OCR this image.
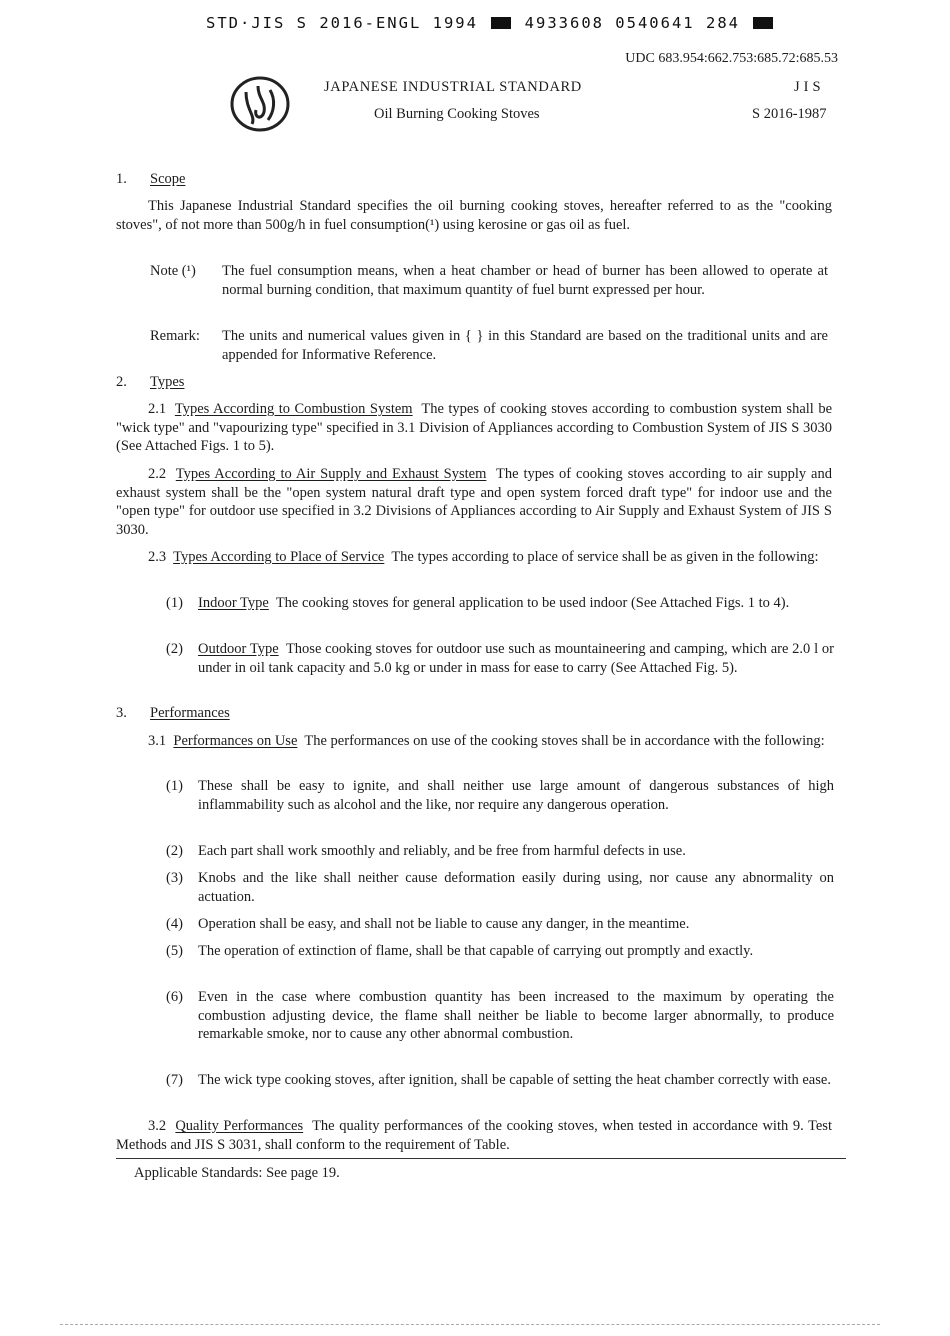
STD·JIS S 2016-ENGL 1994	4933608 0540641 284
UDC 683.954:662.753:685.72:685.53
JAPANESE INDUSTRIAL STANDARD
Oil Burning Cooking Stoves
JIS
S 2016-1987
1. Scope
This Japanese Industrial Standard specifies the oil burning cooking stoves, hereafter referred to as the "cooking stoves", of not more than 500g/h in fuel consumption(¹) using kerosine or gas oil as fuel.
Note (¹) The fuel consumption means, when a heat chamber or head of burner has been allowed to operate at normal burning condition, that maximum quantity of fuel burnt expressed per hour.
Remark: The units and numerical values given in { } in this Standard are based on the traditional units and are appended for Informative Reference.
2. Types
2.1 Types According to Combustion System The types of cooking stoves according to combustion system shall be "wick type" and "vapourizing type" specified in 3.1 Division of Appliances according to Combustion System of JIS S 3030 (See Attached Figs. 1 to 5).
2.2 Types According to Air Supply and Exhaust System The types of cooking stoves according to air supply and exhaust system shall be the "open system natural draft type and open system forced draft type" for indoor use and the "open type" for outdoor use specified in 3.2 Divisions of Appliances according to Air Supply and Exhaust System of JIS S 3030.
2.3 Types According to Place of Service The types according to place of service shall be as given in the following:
(1) Indoor Type The cooking stoves for general application to be used indoor (See Attached Figs. 1 to 4).
(2) Outdoor Type Those cooking stoves for outdoor use such as mountaineering and camping, which are 2.0 l or under in oil tank capacity and 5.0 kg or under in mass for ease to carry (See Attached Fig. 5).
3. Performances
3.1 Performances on Use The performances on use of the cooking stoves shall be in accordance with the following:
(1) These shall be easy to ignite, and shall neither use large amount of dangerous substances of high inflammability such as alcohol and the like, nor require any dangerous operation.
(2) Each part shall work smoothly and reliably, and be free from harmful defects in use.
(3) Knobs and the like shall neither cause deformation easily during using, nor cause any abnormality on actuation.
(4) Operation shall be easy, and shall not be liable to cause any danger, in the meantime.
(5) The operation of extinction of flame, shall be that capable of carrying out promptly and exactly.
(6) Even in the case where combustion quantity has been increased to the maximum by operating the combustion adjusting device, the flame shall neither be liable to become larger abnormally, to produce remarkable smoke, nor to cause any other abnormal combustion.
(7) The wick type cooking stoves, after ignition, shall be capable of setting the heat chamber correctly with ease.
3.2 Quality Performances The quality performances of the cooking stoves, when tested in accordance with 9. Test Methods and JIS S 3031, shall conform to the requirement of Table.
Applicable Standards: See page 19.
